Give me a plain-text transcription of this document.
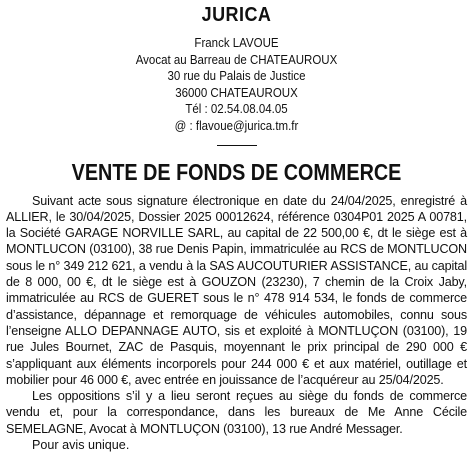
JURICA

Franck LAVOUE

Avocat au Barreau de CHATEAUROUX

30 rue du Palais de Justice

36000 CHATEAUROUX

Tél : 02.54.08.04.05

@ : flavoue@jurica.tm.fr

VENTE DE FONDS DE COMMERCE

Suivant acte sous signature électronique en date du 24/04/2025, enregistré à ALLIER, le 30/04/2025, Dossier 2025 00012624, référence 0304P01 2025 A 00781, la Société GARAGE NORVILLE SARL, au capital de 22 500,00 €, dt le siège est à MONTLUCON (03100), 38 rue Denis Papin, immatriculée au RCS de MONTLUCON sous le n° 349 212 621, a vendu à la SAS AUCOUTURIER ASSISTANCE, au capital de 8 000, 00 €, dt le siège est à GOUZON (23230), 7 chemin de la Croix Jaby, immatriculée au RCS de GUERET sous le n° 478 914 534, le fonds de commerce d’assistance, dépannage et remorquage de véhicules automobiles, connu sous l’enseigne ALLO DEPANNAGE AUTO, sis et exploité à MONTLUÇON (03100), 19 rue Jules Bournet, ZAC de Pasquis, moyennant le prix principal de 290 000 € s’appliquant aux éléments incorporels pour 244 000 € et aux matériel, outillage et mobilier pour 46 000 €, avec entrée en jouissance de l’acquéreur au 25/04/2025.

Les oppositions s’il y a lieu seront reçues au siège du fonds de commerce vendu et, pour la correspondance, dans les bureaux de Me Anne Cécile SEMELAGNE, Avocat à MONTLUÇON (03100), 13 rue André Messager.

Pour avis unique.
